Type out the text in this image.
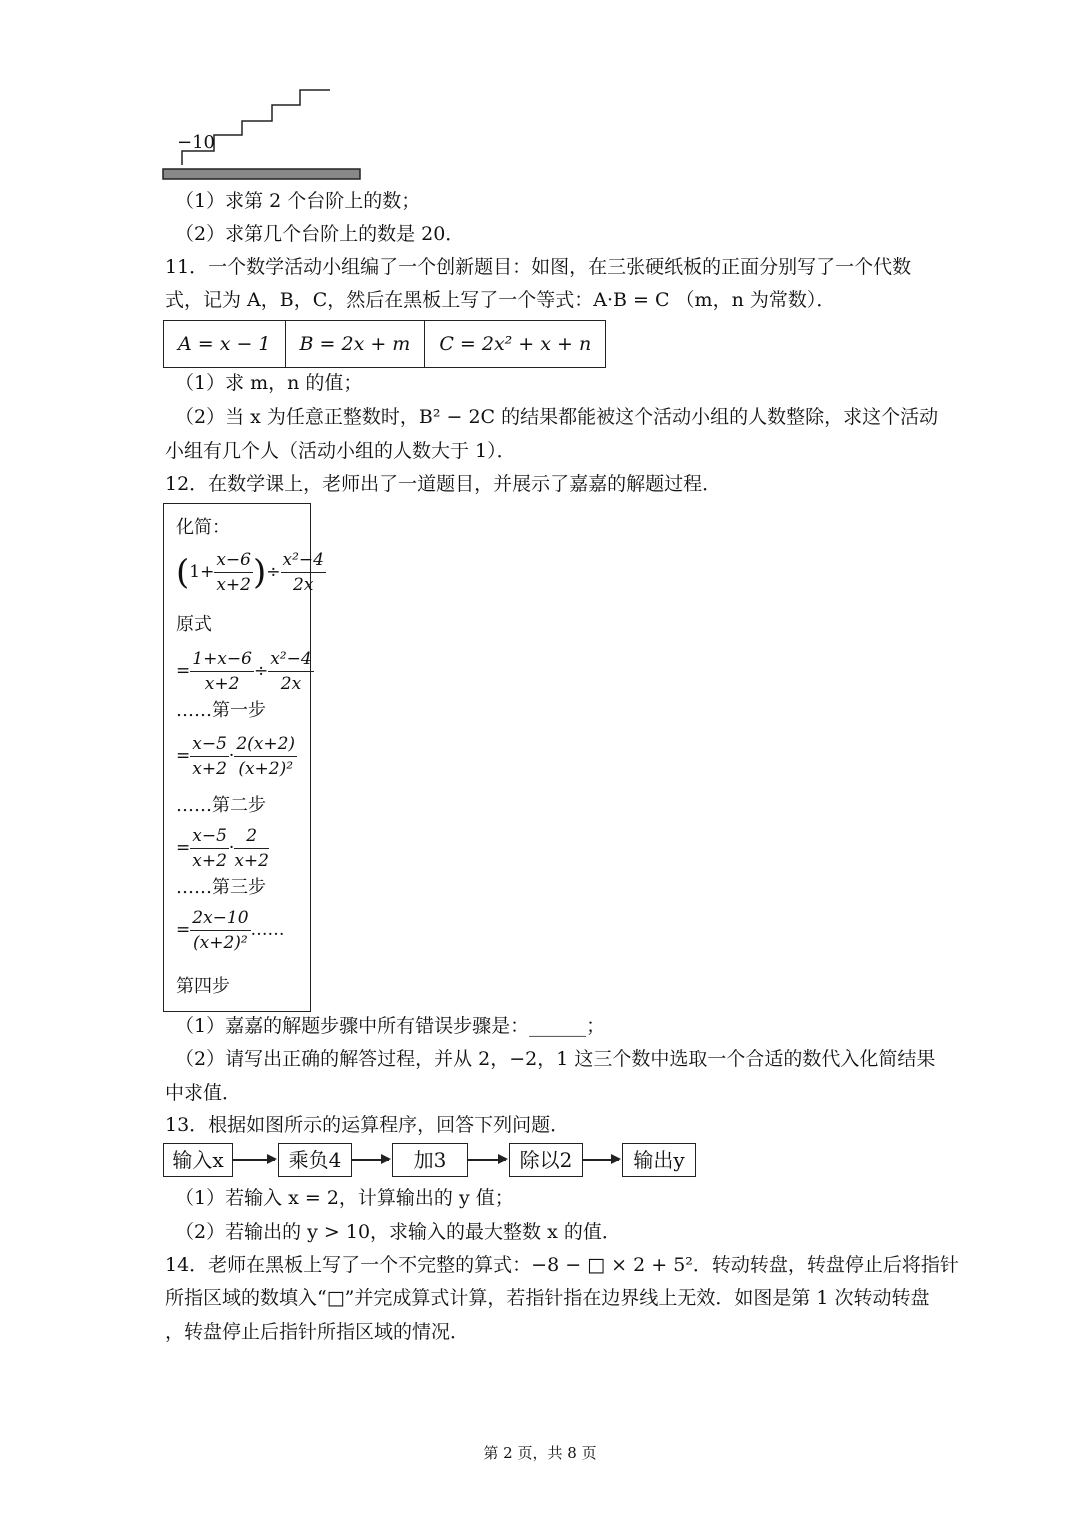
−10
（1）求第 2 个台阶上的数；
（2）求第几个台阶上的数是 20．
11．一个数学活动小组编了一个创新题目：如图，在三张硬纸板的正面分别写了一个代数
式，记为 A，B，C，然后在黑板上写了一个等式：A·B = C （m，n 为常数）．
A = x − 1	B = 2x + m	C = 2x² + x + n
（1）求 m，n 的值；
（2）当 x 为任意正整数时，B² − 2C 的结果都能被这个活动小组的人数整除，求这个活动
小组有几个人（活动小组的人数大于 1）．
12．在数学课上，老师出了一道题目，并展示了嘉嘉的解题过程．
化简：
($1+ \frac{x-6}{x+2}$ )÷ $\frac{\text{x²−4}}{2x}$
原式
= $\frac{1+x-6}{x+2} \div \frac{\text{x²−4}}{2x}$
……第一步
= $\frac{x-5}{x+2} \cdot \frac{2(x+2)}{\text{(x+2)²}}$
……第二步
= $\frac{x-5}{x+2} \cdot \frac{2}{x+2}$
……第三步
= $\frac{2x-10}{\text{(x+2)²}}$ ……
第四步
（1）嘉嘉的解题步骤中所有错误步骤是：______；
（2）请写出正确的解答过程，并从 2，−2，1 这三个数中选取一个合适的数代入化简结果
中求值．
13．根据如图所示的运算程序，回答下列问题．
输入x	乘负4	加3	除以2	输出y
（1）若输入 x = 2，计算输出的 y 值；
（2）若输出的 y > 10，求输入的最大整数 x 的值．
14．老师在黑板上写了一个不完整的算式：−8 − □ × 2 + 5²．转动转盘，转盘停止后将指针
所指区域的数填入“□”并完成算式计算，若指针指在边界线上无效．如图是第 1 次转动转盘
，转盘停止后指针所指区域的情况．
第 2 页，共 8 页
